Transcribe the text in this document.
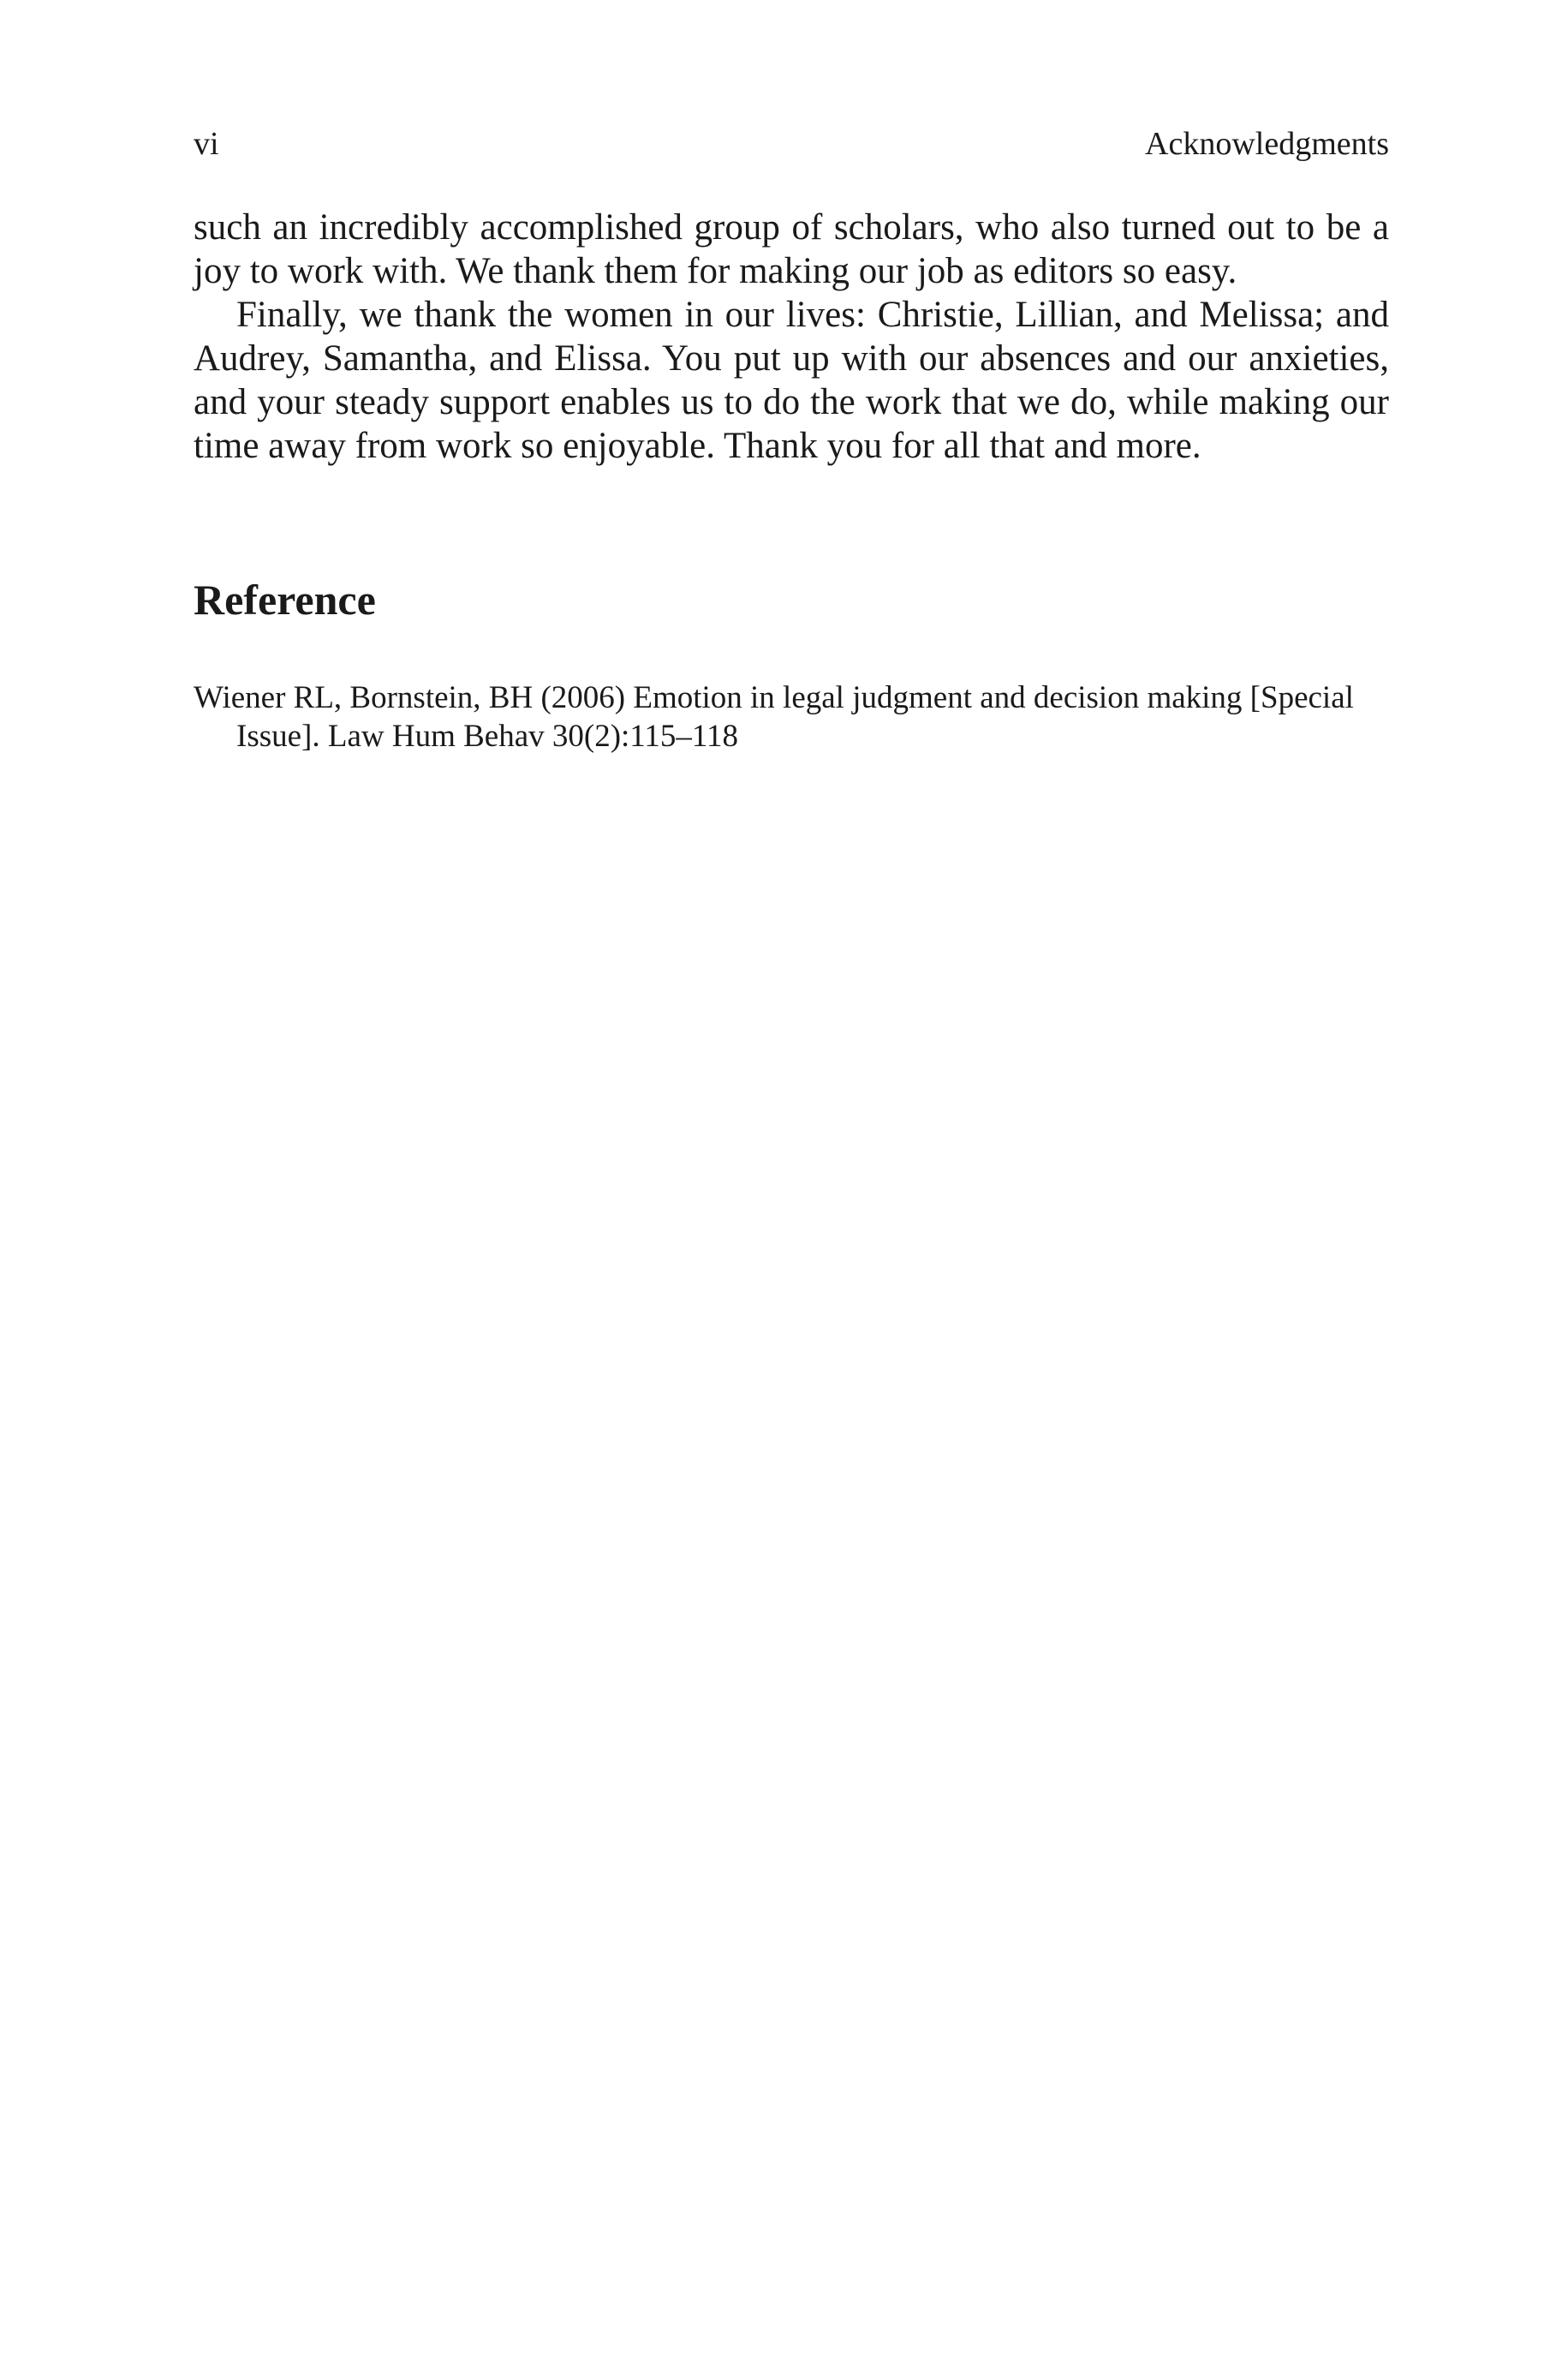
vi	Acknowledgments

such an incredibly accomplished group of scholars, who also turned out to be a joy to work with. We thank them for making our job as editors so easy.

Finally, we thank the women in our lives: Christie, Lillian, and Melissa; and Audrey, Samantha, and Elissa. You put up with our absences and our anxieties, and your steady support enables us to do the work that we do, while making our time away from work so enjoyable. Thank you for all that and more.

Reference

Wiener RL, Bornstein, BH (2006) Emotion in legal judgment and decision making [Special Issue]. Law Hum Behav 30(2):115–118
